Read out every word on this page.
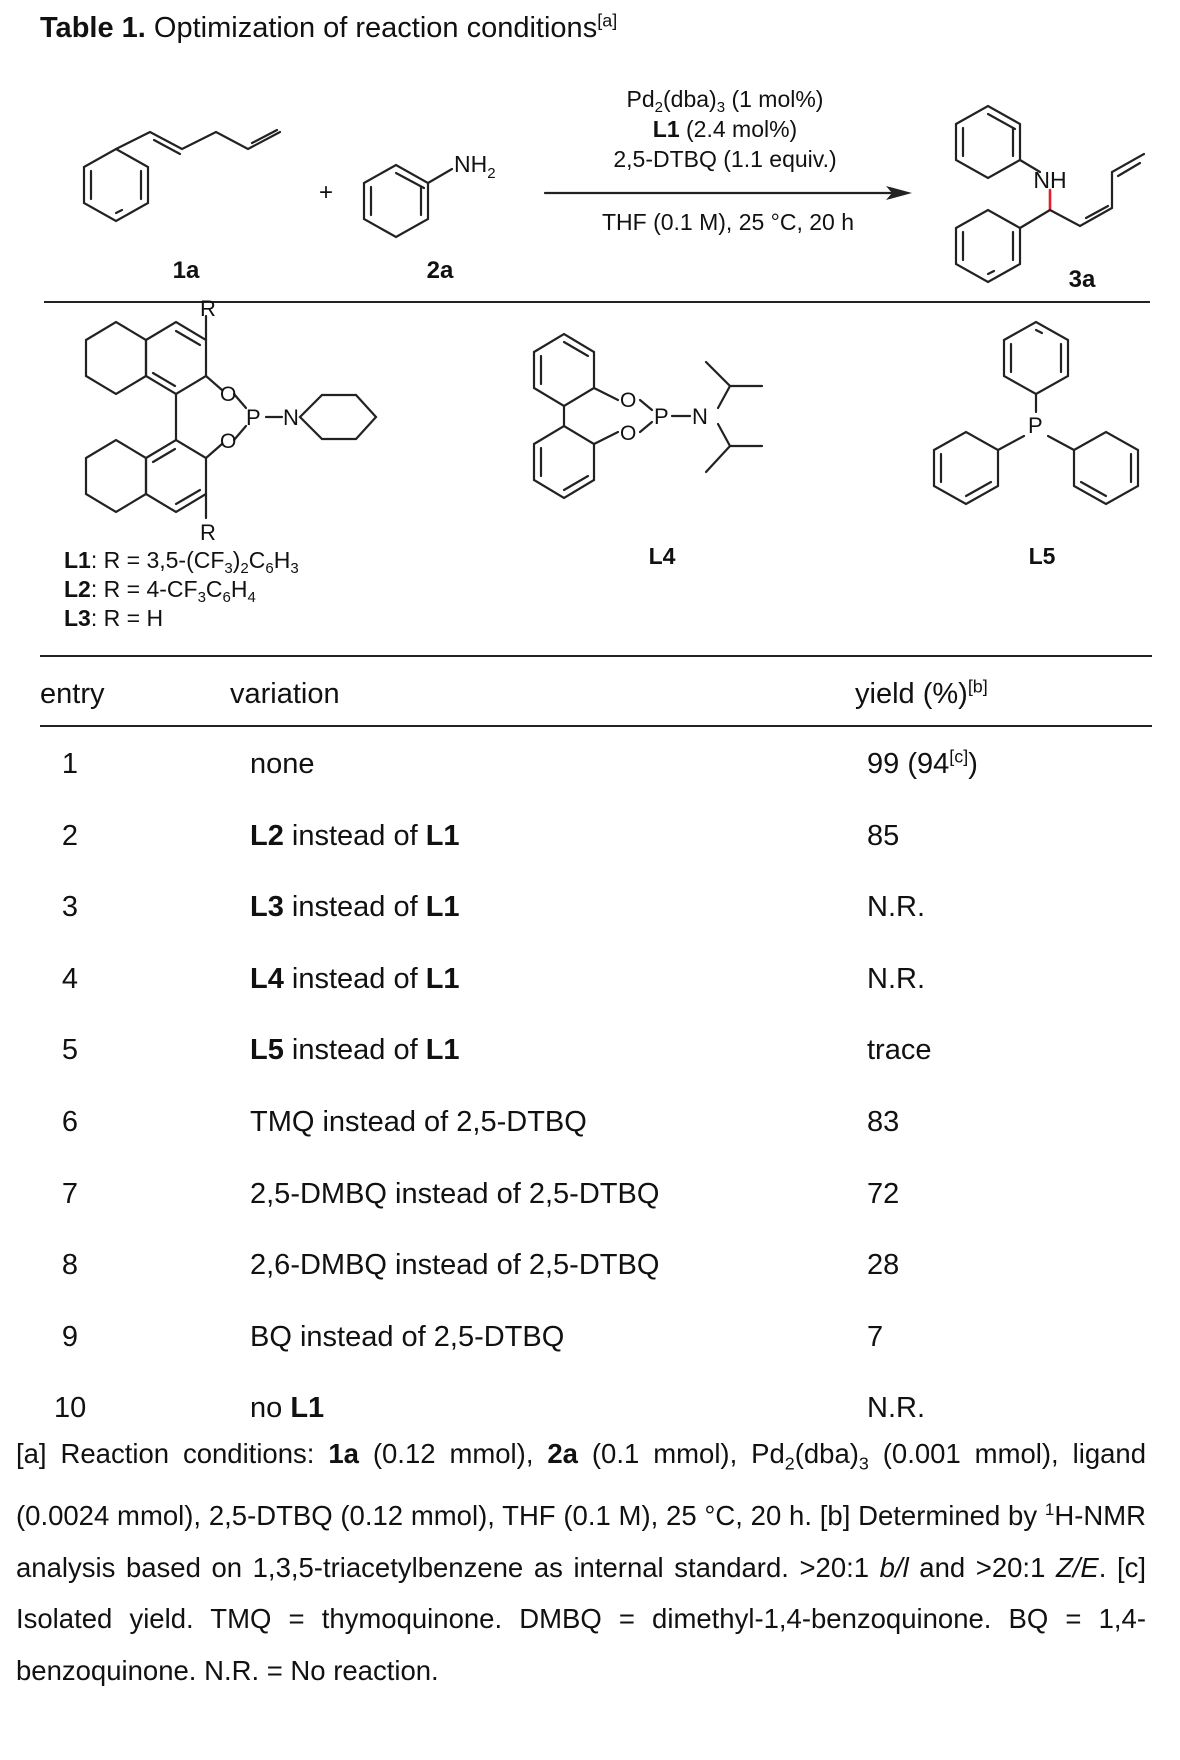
Table 1. Optimization of reaction conditions[a]
1a
+
$NH_2$
2a
$Pd_2(dba)_3$ (1 mol%)
L1 (2.4 mol%)
2,5-DTBQ (1.1 equiv.)
THF (0.1 M), 25 °C, 20 h
NH
3a
R
R
O
O
P N
O
O
P N	P
L1: $R = 3,5-(CF_3)_2C_6H_3$
L2: $R = 4-CF_3C_6H_4$
L3: R = H
L4	L5
entry	variation	yield (%)[b]
1	none	99 (94[c])
2	L2 instead of L1	85
3	L3 instead of L1	N.R.
4	L4 instead of L1	N.R.
5	L5 instead of L1	trace
6	TMQ instead of 2,5-DTBQ	83
7	2,5-DMBQ instead of 2,5-DTBQ	72
8	2,6-DMBQ instead of 2,5-DTBQ	28
9	BQ instead of 2,5-DTBQ	7
10	no L1	N.R.
[a] Reaction conditions: 1a (0.12 mmol), 2a (0.1 mmol), $Pd_2(dba)_3$ (0.001 mmol), ligand (0.0024 mmol), 2,5-DTBQ (0.12 mmol), THF (0.1 M), 25 °C, 20 h. [b] Determined by $^1$H-NMR analysis based on 1,3,5-triacetylbenzene as internal standard. >20:1 b/l and >20:1 Z/E. [c] Isolated yield. TMQ = thymoquinone. DMBQ = dimethyl-1,4-benzoquinone. BQ = 1,4-benzoquinone. N.R. = No reaction.
